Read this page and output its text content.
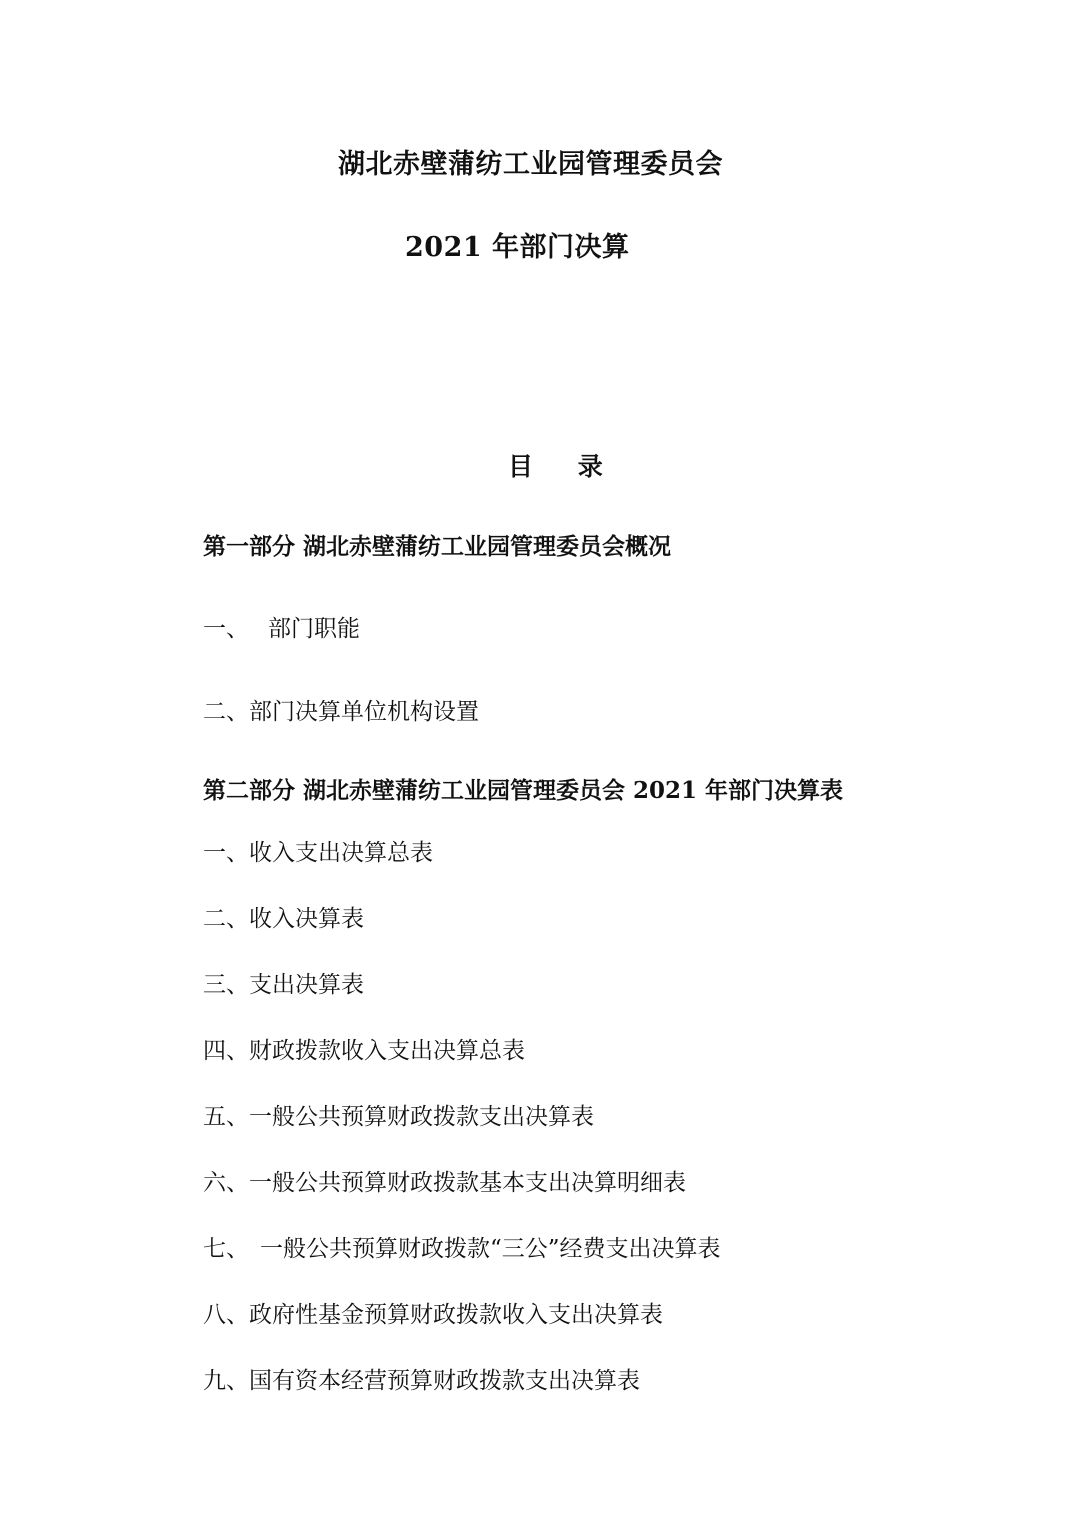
湖北赤壁蒲纺工业园管理委员会
2021 年部门决算
目 录
第一部分 湖北赤壁蒲纺工业园管理委员会概况
一、 部门职能
二、部门决算单位机构设置
第二部分 湖北赤壁蒲纺工业园管理委员会 2021 年部门决算表
一、收入支出决算总表
二、收入决算表
三、支出决算表
四、财政拨款收入支出决算总表
五、一般公共预算财政拨款支出决算表
六、一般公共预算财政拨款基本支出决算明细表
七、 一般公共预算财政拨款“三公”经费支出决算表
八、政府性基金预算财政拨款收入支出决算表
九、国有资本经营预算财政拨款支出决算表
